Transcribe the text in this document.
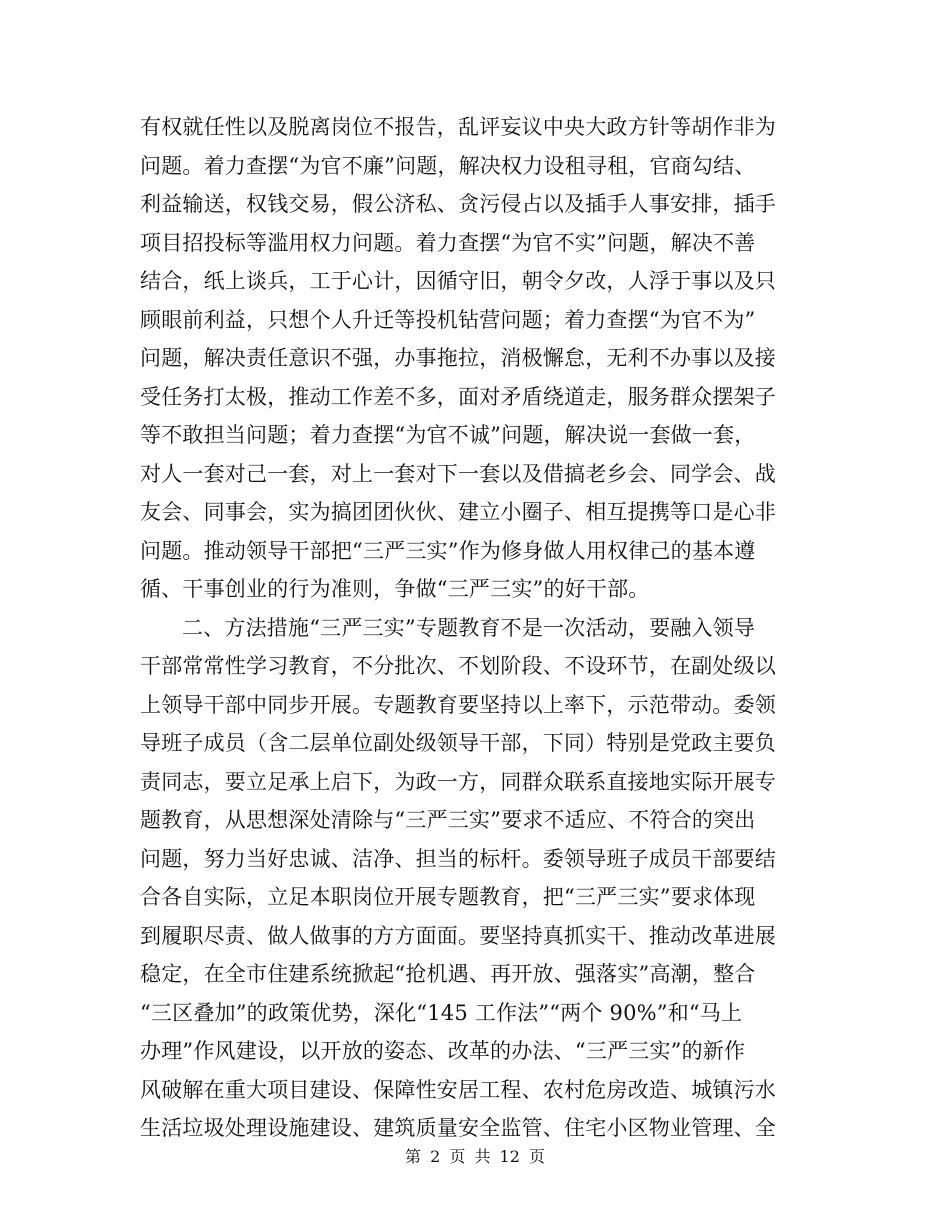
有权就任性以及脱离岗位不报告，乱评妄议中央大政方针等胡作非为
问题。着力查摆“为官不廉”问题，解决权力设租寻租，官商勾结、
利益输送，权钱交易，假公济私、贪污侵占以及插手人事安排，插手
项目招投标等滥用权力问题。着力查摆“为官不实”问题，解决不善
结合，纸上谈兵，工于心计，因循守旧，朝令夕改，人浮于事以及只
顾眼前利益，只想个人升迁等投机钻营问题；着力查摆“为官不为”
问题，解决责任意识不强，办事拖拉，消极懈怠，无利不办事以及接
受任务打太极，推动工作差不多，面对矛盾绕道走，服务群众摆架子
等不敢担当问题；着力查摆“为官不诚”问题，解决说一套做一套，
对人一套对己一套，对上一套对下一套以及借搞老乡会、同学会、战
友会、同事会，实为搞团团伙伙、建立小圈子、相互提携等口是心非
问题。推动领导干部把“三严三实”作为修身做人用权律己的基本遵
循、干事创业的行为准则，争做“三严三实”的好干部。
二、方法措施“三严三实”专题教育不是一次活动，要融入领导
干部常常性学习教育，不分批次、不划阶段、不设环节，在副处级以
上领导干部中同步开展。专题教育要坚持以上率下，示范带动。委领
导班子成员（含二层单位副处级领导干部，下同）特别是党政主要负
责同志，要立足承上启下，为政一方，同群众联系直接地实际开展专
题教育，从思想深处清除与“三严三实”要求不适应、不符合的突出
问题，努力当好忠诚、洁净、担当的标杆。委领导班子成员干部要结
合各自实际，立足本职岗位开展专题教育，把“三严三实”要求体现
到履职尽责、做人做事的方方面面。要坚持真抓实干、推动改革进展
稳定，在全市住建系统掀起“抢机遇、再开放、强落实”高潮，整合
“三区叠加”的政策优势，深化“145 工作法”“两个 90%”和“马上
办理”作风建设，以开放的姿态、改革的办法、“三严三实”的新作
风破解在重大项目建设、保障性安居工程、农村危房改造、城镇污水
生活垃圾处理设施建设、建筑质量安全监管、住宅小区物业管理、全
第 2 页 共 12 页
